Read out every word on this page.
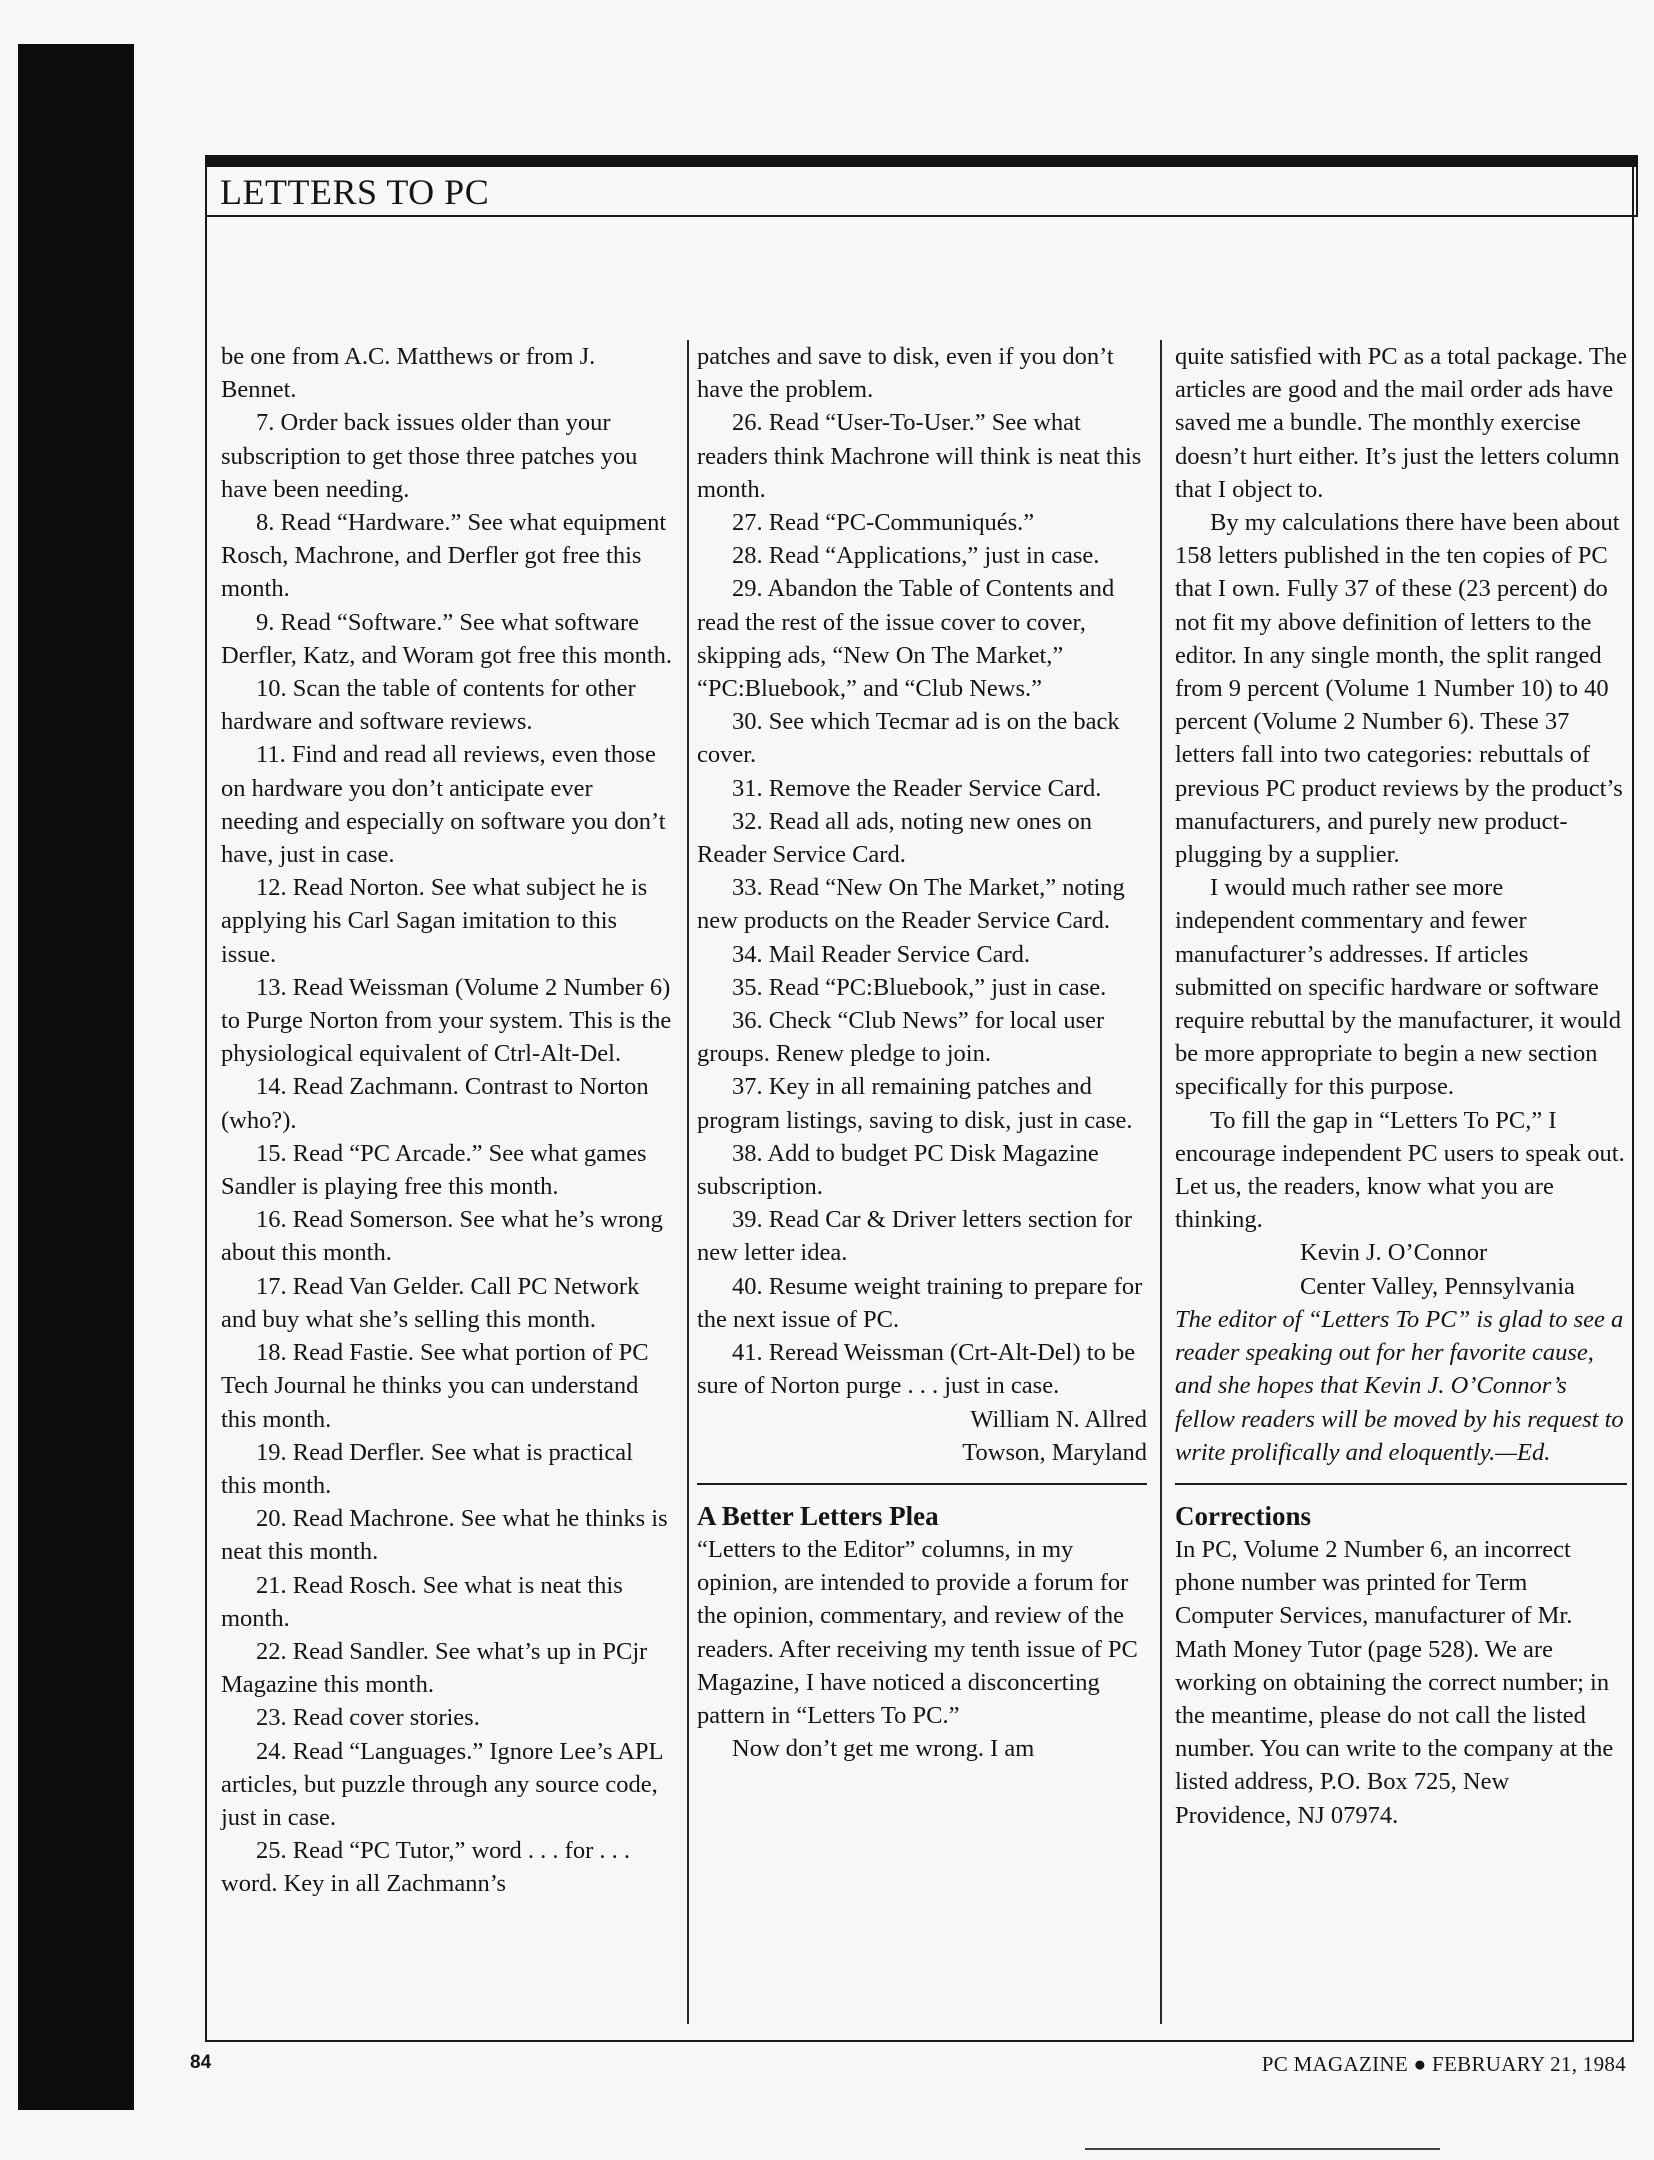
LETTERS TO PC

be one from A.C. Matthews or from J. Bennet.

7. Order back issues older than your subscription to get those three patches you have been needing.

8. Read “Hardware.” See what equipment Rosch, Machrone, and Derfler got free this month.

9. Read “Software.” See what software Derfler, Katz, and Woram got free this month.

10. Scan the table of contents for other hardware and software reviews.

11. Find and read all reviews, even those on hardware you don’t anticipate ever needing and especially on software you don’t have, just in case.

12. Read Norton. See what subject he is applying his Carl Sagan imitation to this issue.

13. Read Weissman (Volume 2 Number 6) to Purge Norton from your system. This is the physiological equivalent of Ctrl-Alt-Del.

14. Read Zachmann. Contrast to Norton (who?).

15. Read “PC Arcade.” See what games Sandler is playing free this month.

16. Read Somerson. See what he’s wrong about this month.

17. Read Van Gelder. Call PC Network and buy what she’s selling this month.

18. Read Fastie. See what portion of PC Tech Journal he thinks you can understand this month.

19. Read Derfler. See what is practical this month.

20. Read Machrone. See what he thinks is neat this month.

21. Read Rosch. See what is neat this month.

22. Read Sandler. See what’s up in PCjr Magazine this month.

23. Read cover stories.

24. Read “Languages.” Ignore Lee’s APL articles, but puzzle through any source code, just in case.

25. Read “PC Tutor,” word . . . for . . . word. Key in all Zachmann’s

patches and save to disk, even if you don’t have the problem.

26. Read “User-To-User.” See what readers think Machrone will think is neat this month.

27. Read “PC-Communiqués.”

28. Read “Applications,” just in case.

29. Abandon the Table of Contents and read the rest of the issue cover to cover, skipping ads, “New On The Market,” “PC:Bluebook,” and “Club News.”

30. See which Tecmar ad is on the back cover.

31. Remove the Reader Service Card.

32. Read all ads, noting new ones on Reader Service Card.

33. Read “New On The Market,” noting new products on the Reader Service Card.

34. Mail Reader Service Card.

35. Read “PC:Bluebook,” just in case.

36. Check “Club News” for local user groups. Renew pledge to join.

37. Key in all remaining patches and program listings, saving to disk, just in case.

38. Add to budget PC Disk Magazine subscription.

39. Read Car & Driver letters section for new letter idea.

40. Resume weight training to prepare for the next issue of PC.

41. Reread Weissman (Crt-Alt-Del) to be sure of Norton purge . . . just in case.

William N. Allred

Towson, Maryland

A Better Letters Plea

“Letters to the Editor” columns, in my opinion, are intended to provide a forum for the opinion, commentary, and review of the readers. After receiving my tenth issue of PC Magazine, I have noticed a disconcerting pattern in “Letters To PC.”

Now don’t get me wrong. I am

quite satisfied with PC as a total package. The articles are good and the mail order ads have saved me a bundle. The monthly exercise doesn’t hurt either. It’s just the letters column that I object to.

By my calculations there have been about 158 letters published in the ten copies of PC that I own. Fully 37 of these (23 percent) do not fit my above definition of letters to the editor. In any single month, the split ranged from 9 percent (Volume 1 Number 10) to 40 percent (Volume 2 Number 6). These 37 letters fall into two categories: rebuttals of previous PC product reviews by the product’s manufacturers, and purely new product-plugging by a supplier.

I would much rather see more independent commentary and fewer manufacturer’s addresses. If articles submitted on specific hardware or software require rebuttal by the manufacturer, it would be more appropriate to begin a new section specifically for this purpose.

To fill the gap in “Letters To PC,” I encourage independent PC users to speak out. Let us, the readers, know what you are thinking.

Kevin J. O’Connor

Center Valley, Pennsylvania

The editor of “Letters To PC” is glad to see a reader speaking out for her favorite cause, and she hopes that Kevin J. O’Connor’s fellow readers will be moved by his request to write prolifically and eloquently.—Ed.

Corrections

In PC, Volume 2 Number 6, an incorrect phone number was printed for Term Computer Services, manufacturer of Mr. Math Money Tutor (page 528). We are working on obtaining the correct number; in the meantime, please do not call the listed number. You can write to the company at the listed address, P.O. Box 725, New Providence, NJ 07974.

84	PC MAGAZINE ● FEBRUARY 21, 1984
